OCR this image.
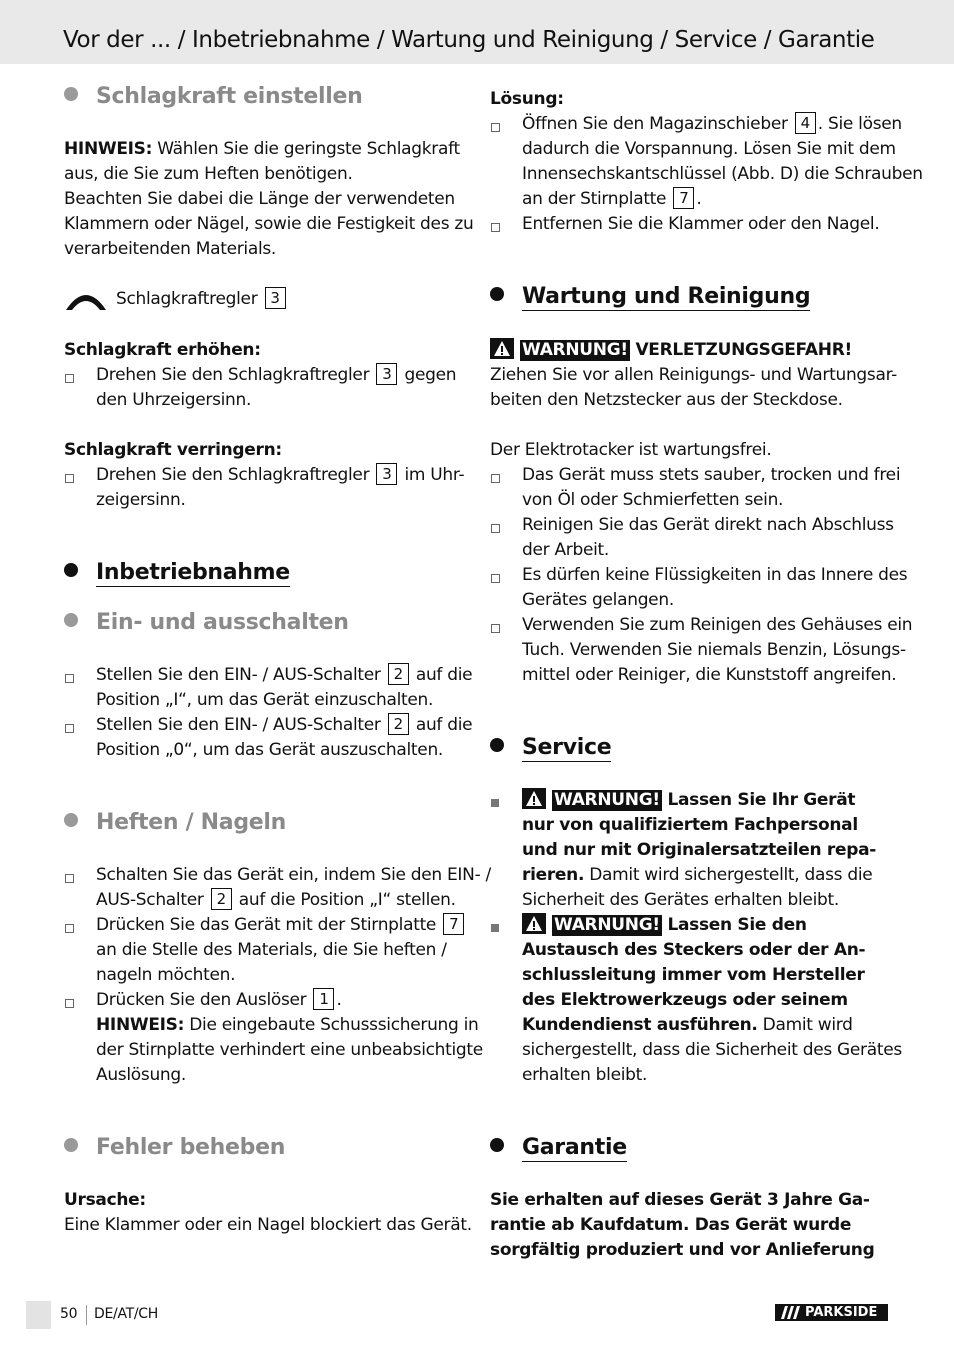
Vor der ... / Inbetriebnahme / Wartung und Reinigung / Service / Garantie
Schlagkraft einstellen
HINWEIS: Wählen Sie die geringste Schlagkraft
aus, die Sie zum Heften benötigen.
Beachten Sie dabei die Länge der verwendeten
Klammern oder Nägel, sowie die Festigkeit des zu
verarbeitenden Materials.
Schlagkraftregler 3
Schlagkraft erhöhen:
Drehen Sie den Schlagkraftregler 3 gegen
den Uhrzeigersinn.
Schlagkraft verringern:
Drehen Sie den Schlagkraftregler 3 im Uhr-
zeigersinn.
Inbetriebnahme
Ein- und ausschalten
Stellen Sie den EIN- / AUS-Schalter 2 auf die
Position „I“, um das Gerät einzuschalten.
Stellen Sie den EIN- / AUS-Schalter 2 auf die
Position „0“, um das Gerät auszuschalten.
Heften / Nageln
Schalten Sie das Gerät ein, indem Sie den EIN- /
AUS-Schalter 2 auf die Position „I“ stellen.
Drücken Sie das Gerät mit der Stirnplatte 7
an die Stelle des Materials, die Sie heften /
nageln möchten.
Drücken Sie den Auslöser 1 .
HINWEIS: Die eingebaute Schusssicherung in
der Stirnplatte verhindert eine unbeabsichtigte
Auslösung.
Fehler beheben
Ursache:
Eine Klammer oder ein Nagel blockiert das Gerät.
Lösung:
Öffnen Sie den Magazinschieber 4 . Sie lösen
dadurch die Vorspannung. Lösen Sie mit dem
Innensechskantschlüssel (Abb. D) die Schrauben
an der Stirnplatte 7 .
Entfernen Sie die Klammer oder den Nagel.
Wartung und Reinigung
WARNUNG! VERLETZUNGSGEFAHR!
Ziehen Sie vor allen Reinigungs- und Wartungsar-
beiten den Netzstecker aus der Steckdose.
Der Elektrotacker ist wartungsfrei.
Das Gerät muss stets sauber, trocken und frei
von Öl oder Schmierfetten sein.
Reinigen Sie das Gerät direkt nach Abschluss
der Arbeit.
Es dürfen keine Flüssigkeiten in das Innere des
Gerätes gelangen.
Verwenden Sie zum Reinigen des Gehäuses ein
Tuch. Verwenden Sie niemals Benzin, Lösungs-
mittel oder Reiniger, die Kunststoff angreifen.
Service
WARNUNG! Lassen Sie Ihr Gerät
nur von qualifiziertem Fachpersonal
und nur mit Originalersatzteilen repa-
rieren. Damit wird sichergestellt, dass die
Sicherheit des Gerätes erhalten bleibt.
WARNUNG! Lassen Sie den
Austausch des Steckers oder der An-
schlussleitung immer vom Hersteller
des Elektrowerkzeugs oder seinem
Kundendienst ausführen. Damit wird
sichergestellt, dass die Sicherheit des Gerätes
erhalten bleibt.
Garantie
Sie erhalten auf dieses Gerät 3 Jahre Ga-
rantie ab Kaufdatum. Das Gerät wurde
sorgfältig produziert und vor Anlieferung
50 DE/AT/CH	PARKSIDE
